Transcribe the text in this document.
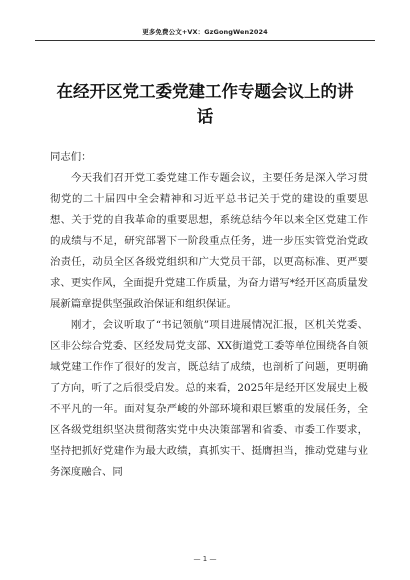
更多免费公文+VX：GzGongWen2024
在经开区党工委党建工作专题会议上的讲话

同志们：

今天我们召开党工委党建工作专题会议，主要任务是深入学习贯彻党的二十届四中全会精神和习近平总书记关于党的建设的重要思想、关于党的自我革命的重要思想，系统总结今年以来全区党建工作的成绩与不足，研究部署下一阶段重点任务，进一步压实管党治党政治责任，动员全区各级党组织和广大党员干部，以更高标准、更严要求、更实作风，全面提升党建工作质量，为奋力谱写*经开区高质量发展新篇章提供坚强政治保证和组织保证。

刚才，会议听取了“书记领航”项目进展情况汇报，区机关党委、区非公综合党委、区经发局党支部、XX街道党工委等单位围绕各自领域党建工作作了很好的发言，既总结了成绩，也剖析了问题，更明确了方向，听了之后很受启发。总的来看，2025年是经开区发展史上极不平凡的一年。面对复杂严峻的外部环境和艰巨繁重的发展任务，全区各级党组织坚决贯彻落实党中央决策部署和省委、市委工作要求，坚持把抓好党建作为最大政绩，真抓实干、挺膺担当，推动党建与业务深度融合、同

— 1 —
